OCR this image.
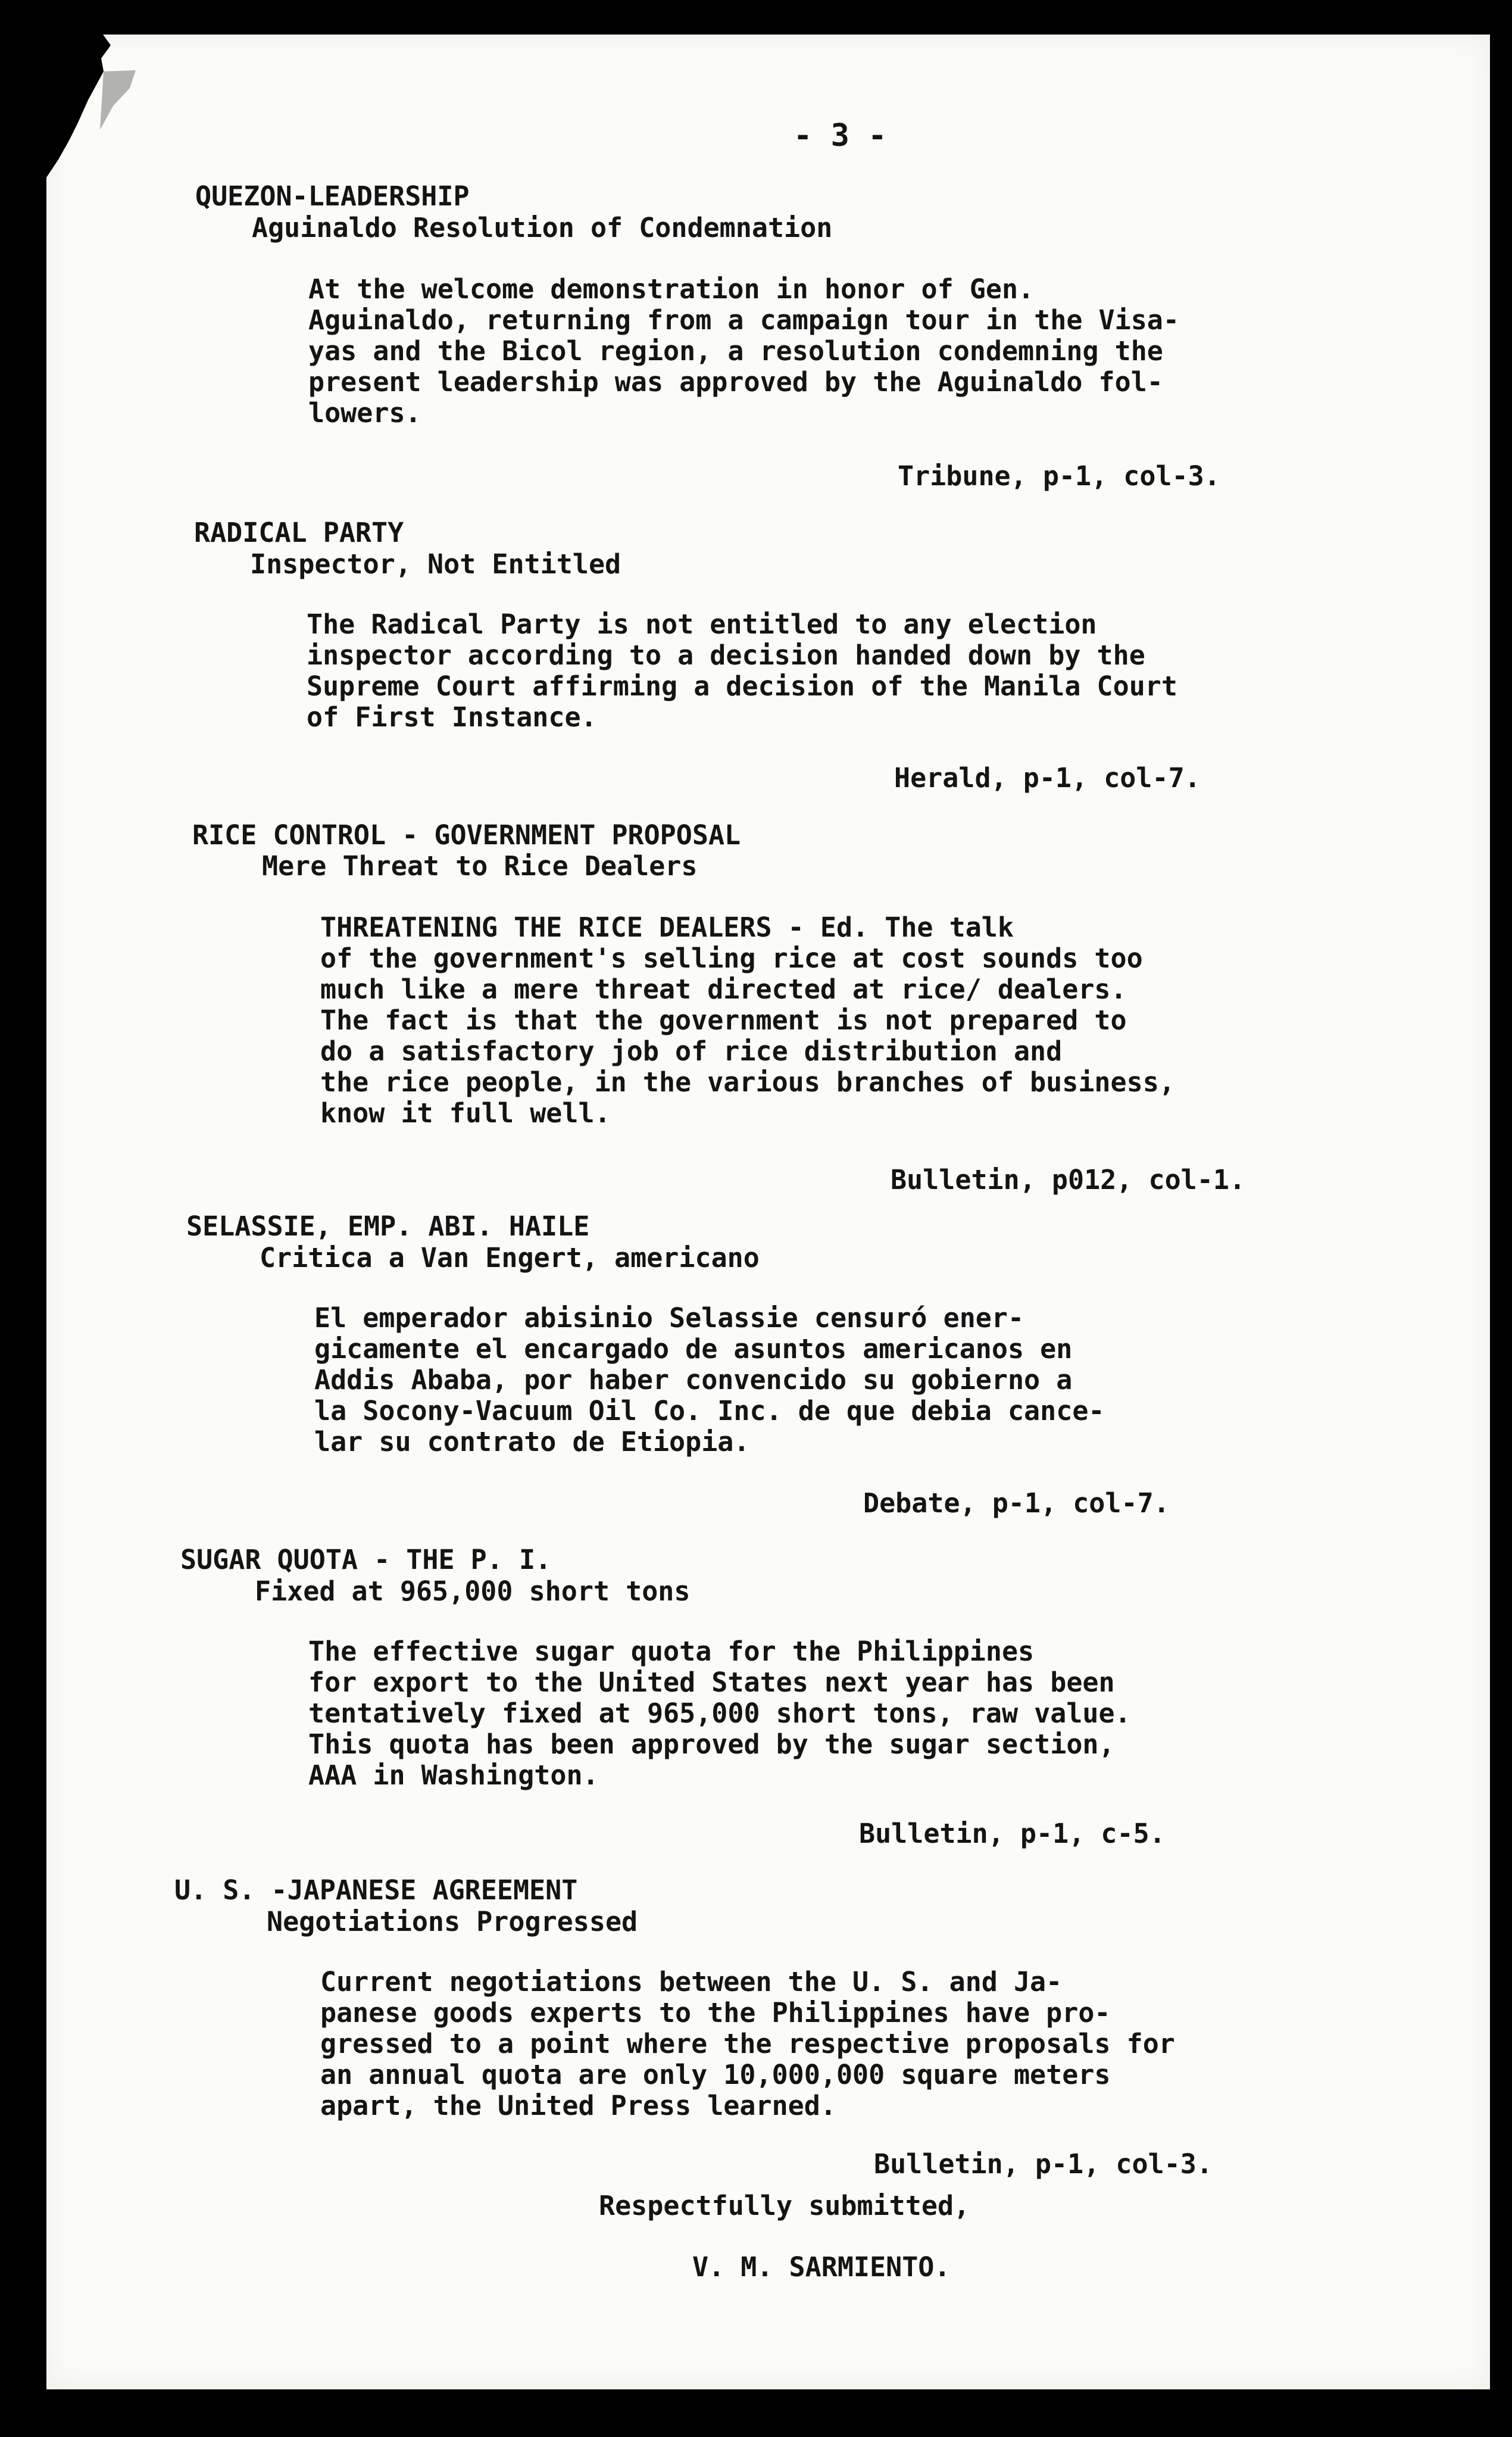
- 3 -
QUEZON-LEADERSHIP
Aguinaldo Resolution of Condemnation
At the welcome demonstration in honor of Gen.
Aguinaldo, returning from a campaign tour in the Visa-
yas and the Bicol region, a resolution condemning the
present leadership was approved by the Aguinaldo fol-
lowers.
Tribune, p-1, col-3.
RADICAL PARTY
Inspector, Not Entitled
The Radical Party is not entitled to any election
inspector according to a decision handed down by the
Supreme Court affirming a decision of the Manila Court
of First Instance.
Herald, p-1, col-7.
RICE CONTROL - GOVERNMENT PROPOSAL
Mere Threat to Rice Dealers
THREATENING THE RICE DEALERS - Ed. The talk
of the government's selling rice at cost sounds too
much like a mere threat directed at rice/ dealers.
The fact is that the government is not prepared to
do a satisfactory job of rice distribution and
the rice people, in the various branches of business,
know it full well.
Bulletin, p012, col-1.
SELASSIE, EMP. ABI. HAILE
Critica a Van Engert, americano
El emperador abisinio Selassie censuró ener-
gicamente el encargado de asuntos americanos en
Addis Ababa, por haber convencido su gobierno a
la Socony-Vacuum Oil Co. Inc. de que debia cance-
lar su contrato de Etiopia.
Debate, p-1, col-7.
SUGAR QUOTA - THE P. I.
Fixed at 965,000 short tons
The effective sugar quota for the Philippines
for export to the United States next year has been
tentatively fixed at 965,000 short tons, raw value.
This quota has been approved by the sugar section,
AAA in Washington.
Bulletin, p-1, c-5.
U. S. -JAPANESE AGREEMENT
Negotiations Progressed
Current negotiations between the U. S. and Ja-
panese goods experts to the Philippines have pro-
gressed to a point where the respective proposals for
an annual quota are only 10,000,000 square meters
apart, the United Press learned.
Bulletin, p-1, col-3.
Respectfully submitted,
V. M. SARMIENTO.
